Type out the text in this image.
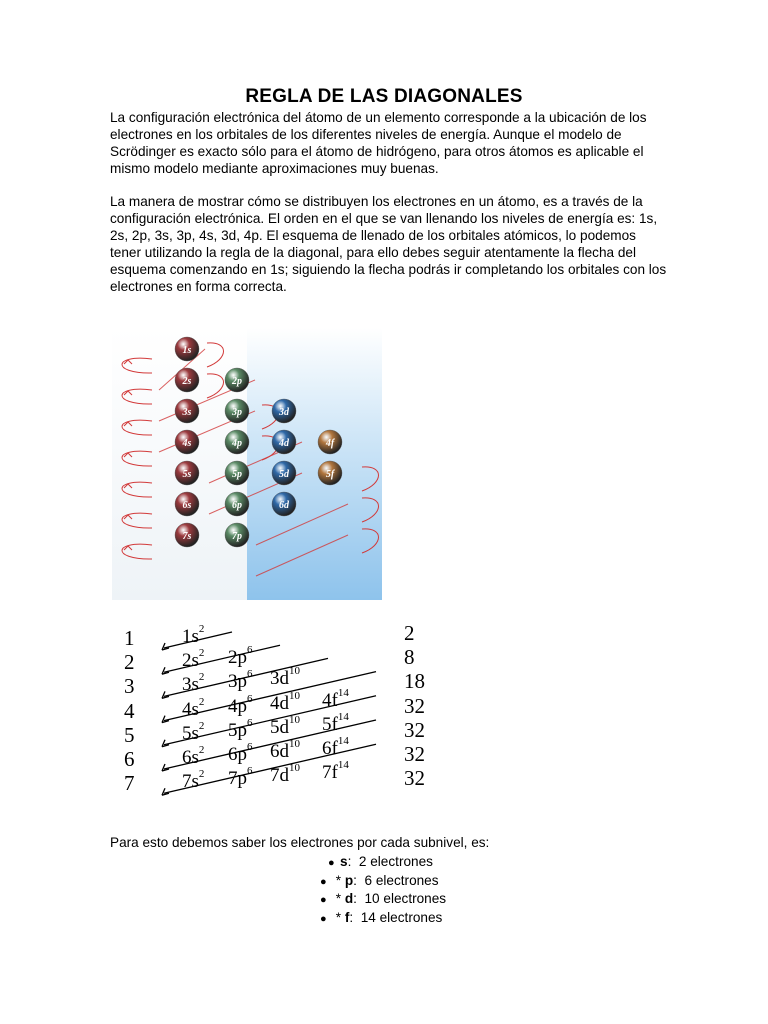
REGLA DE LAS DIAGONALES

La configuración electrónica del átomo de un elemento corresponde a la ubicación de los electrones en los orbitales de los diferentes niveles de energía. Aunque el modelo de Scrödinger es exacto sólo para el átomo de hidrógeno, para otros átomos es aplicable el mismo modelo mediante aproximaciones muy buenas.

La manera de mostrar cómo se distribuyen los electrones en un átomo, es a través de la configuración electrónica. El orden en el que se van llenando los niveles de energía es: 1s, 2s, 2p, 3s, 3p, 4s, 3d, 4p. El esquema de llenado de los orbitales atómicos, lo podemos tener utilizando la regla de la diagonal, para ello debes seguir atentamente la flecha del esquema comenzando en 1s; siguiendo la flecha podrás ir completando los orbitales con los electrones en forma correcta.

1s
2s
3s
4s
5s
6s
7s
2p
3p
4p
5p
6p
7p
3d
4d
5d
6d
4f
5f
1
2
3
4
5
6
7
$1s^2$
$2s^2$ $2p^6$
$3s^2$ $3p^6$ $3d^{10}$
$4s^2$ $4p^6$ $4d^{10}$ $4f^{14}$
$5s^2$ $5p^6$ $5d^{10}$ $5f^{14}$
$6s^2$ $6p^6$ $6d^{10}$ $6f^{14}$
$7s^2$ $7p^6$ $7d^{10}$ $7f^{14}$
2
8
18
32
32
32
32
Para esto debemos saber los electrones por cada subnivel, es:
● s:  2 electrones
● * p:  6 electrones
● * d:  10 electrones
● * f:  14 electrones
